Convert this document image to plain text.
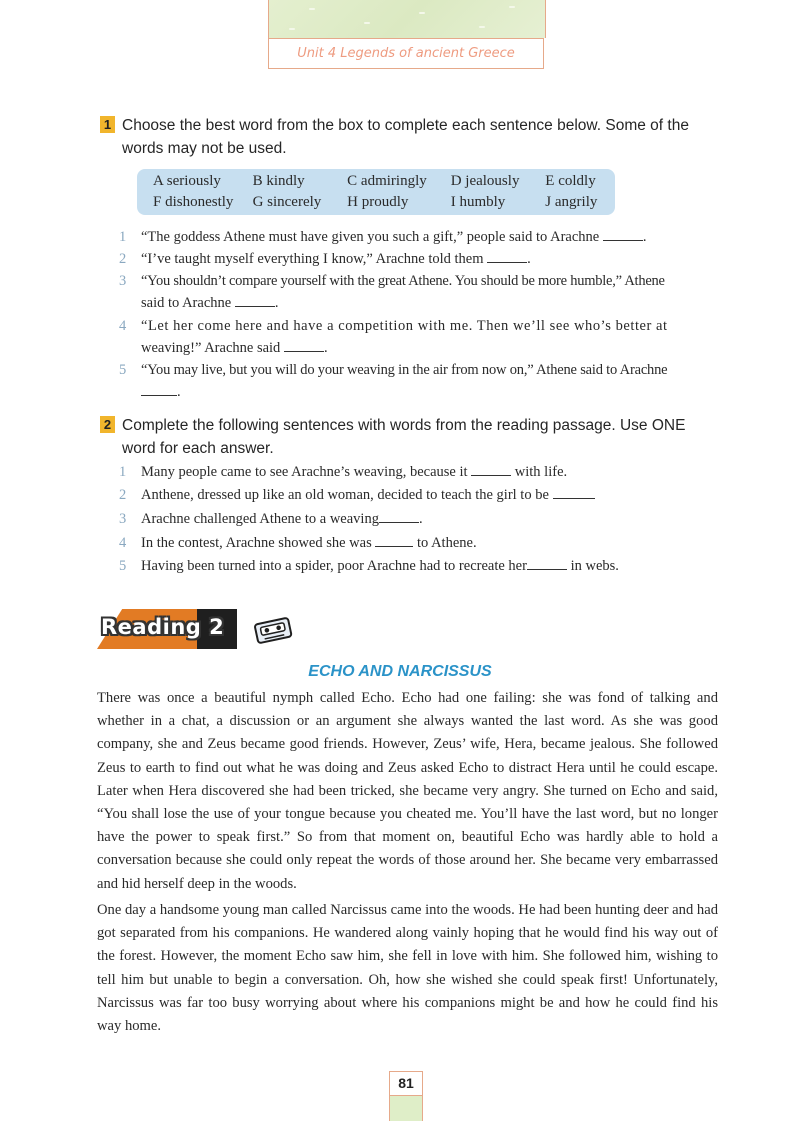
Unit 4 Legends of ancient Greece
1 Choose the best word from the box to complete each sentence below. Some of the
words may not be used.
A seriously	B kindly	C admiringly	D jealously	E coldly
F dishonestly	G sincerely	H proudly	I humbly	J angrily
1 “The goddess Athene must have given you such a gift,” people said to Arachne	.
2 “I’ve taught myself everything I know,” Arachne told them	.
3 “You shouldn’t compare yourself with the great Athene. You should be more humble,” Athene
said to Arachne	.
4 “Let her come here and have a competition with me. Then we’ll see who’s better at
weaving!” Arachne said	.
5 “You may live, but you will do your weaving in the air from now on,” Athene said to Arachne
.
2 Complete the following sentences with words from the reading passage. Use ONE
word for each answer.
1 Many people came to see Arachne’s weaving, because it	with life.
2 Anthene, dressed up like an old woman, decided to teach the girl to be
3 Arachne challenged Athene to a weaving	.
4 In the contest, Arachne showed she was	to Athene.
5 Having been turned into a spider, poor Arachne had to recreate her	in webs.
Reading 2
ECHO AND NARCISSUS

There was once a beautiful nymph called Echo. Echo had one failing: she was fond of talking and whether in a chat, a discussion or an argument she always wanted the last word. As she was good company, she and Zeus became good friends. However, Zeus’ wife, Hera, became jealous. She followed Zeus to earth to find out what he was doing and Zeus asked Echo to distract Hera until he could escape. Later when Hera discovered she had been tricked, she became very angry. She turned on Echo and said, “You shall lose the use of your tongue because you cheated me. You’ll have the last word, but no longer have the power to speak first.” So from that moment on, beautiful Echo was hardly able to hold a conversation because she could only repeat the words of those around her. She became very embarrassed and hid herself deep in the woods.

One day a handsome young man called Narcissus came into the woods. He had been hunting deer and had got separated from his companions. He wandered along vainly hoping that he would find his way out of the forest. However, the moment Echo saw him, she fell in love with him. She followed him, wishing to tell him but unable to begin a conversation. Oh, how she wished she could speak first! Unfortunately, Narcissus was far too busy worrying about where his companions might be and how he could find his way home.

81
